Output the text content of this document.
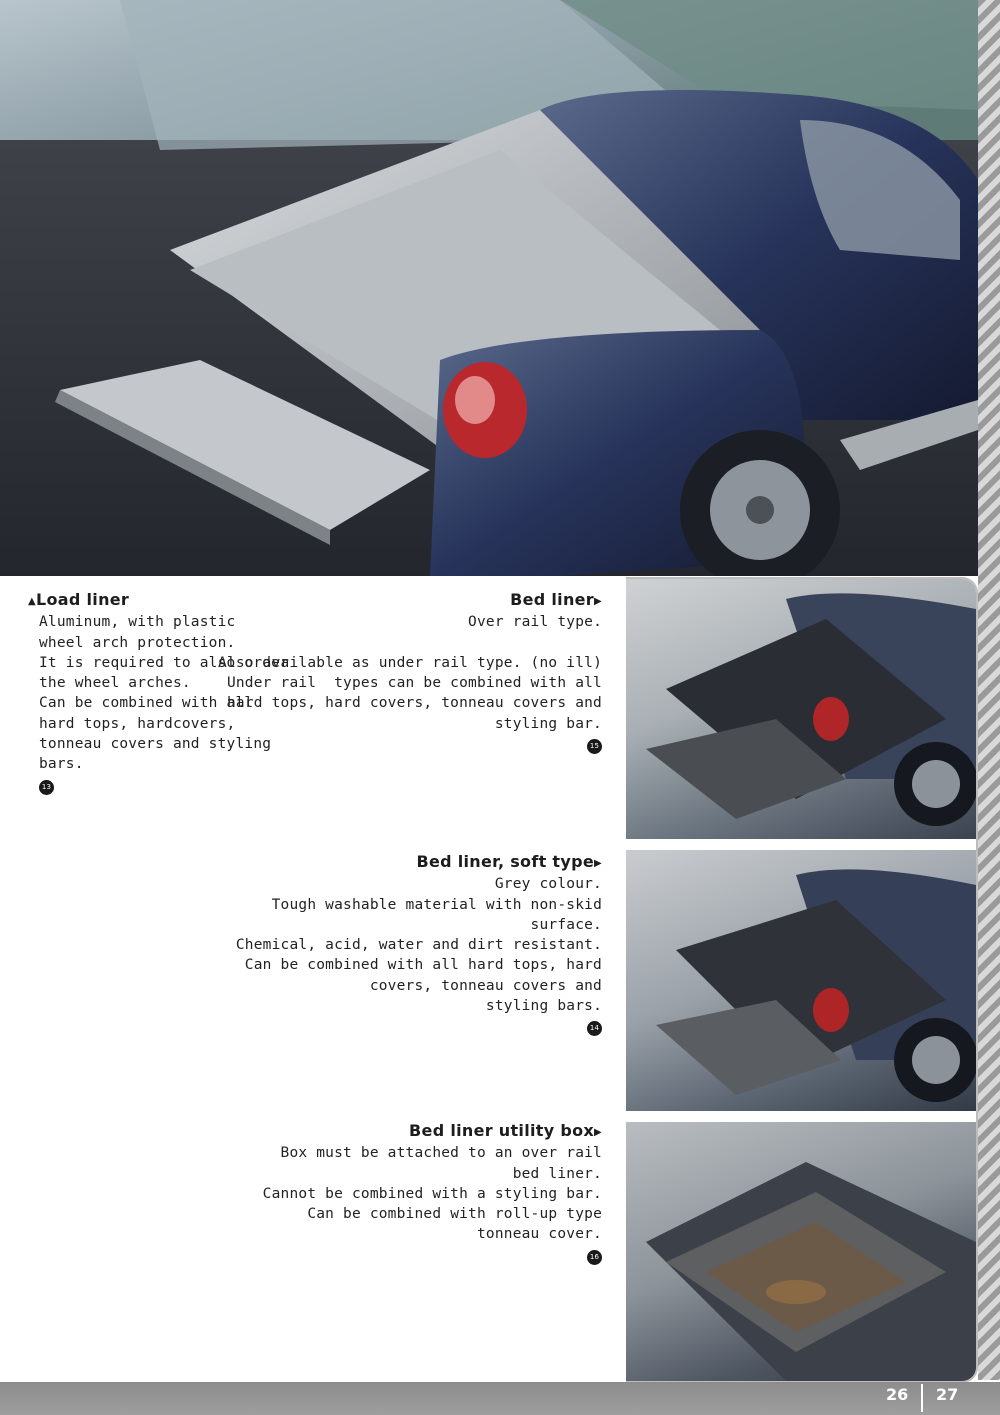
▲Load liner
Aluminum, with plastic
wheel arch protection.
It is required to also order
the wheel arches.
Can be combined with all
hard tops, hardcovers,
tonneau covers and styling
bars.
13
Bed liner▶
Over rail type.
Also available as under rail type. (no ill)
Under rail  types can be combined with all
hard tops, hard covers, tonneau covers and
styling bar.
15
Bed liner, soft type▶
Grey colour.
Tough washable material with non-skid
surface.
Chemical, acid, water and dirt resistant.
Can be combined with all hard tops, hard
covers, tonneau covers and
styling bars.
14
Bed liner utility box▶
Box must be attached to an over rail
bed liner.
Cannot be combined with a styling bar.
Can be combined with roll-up type
tonneau cover.
16
26 27
